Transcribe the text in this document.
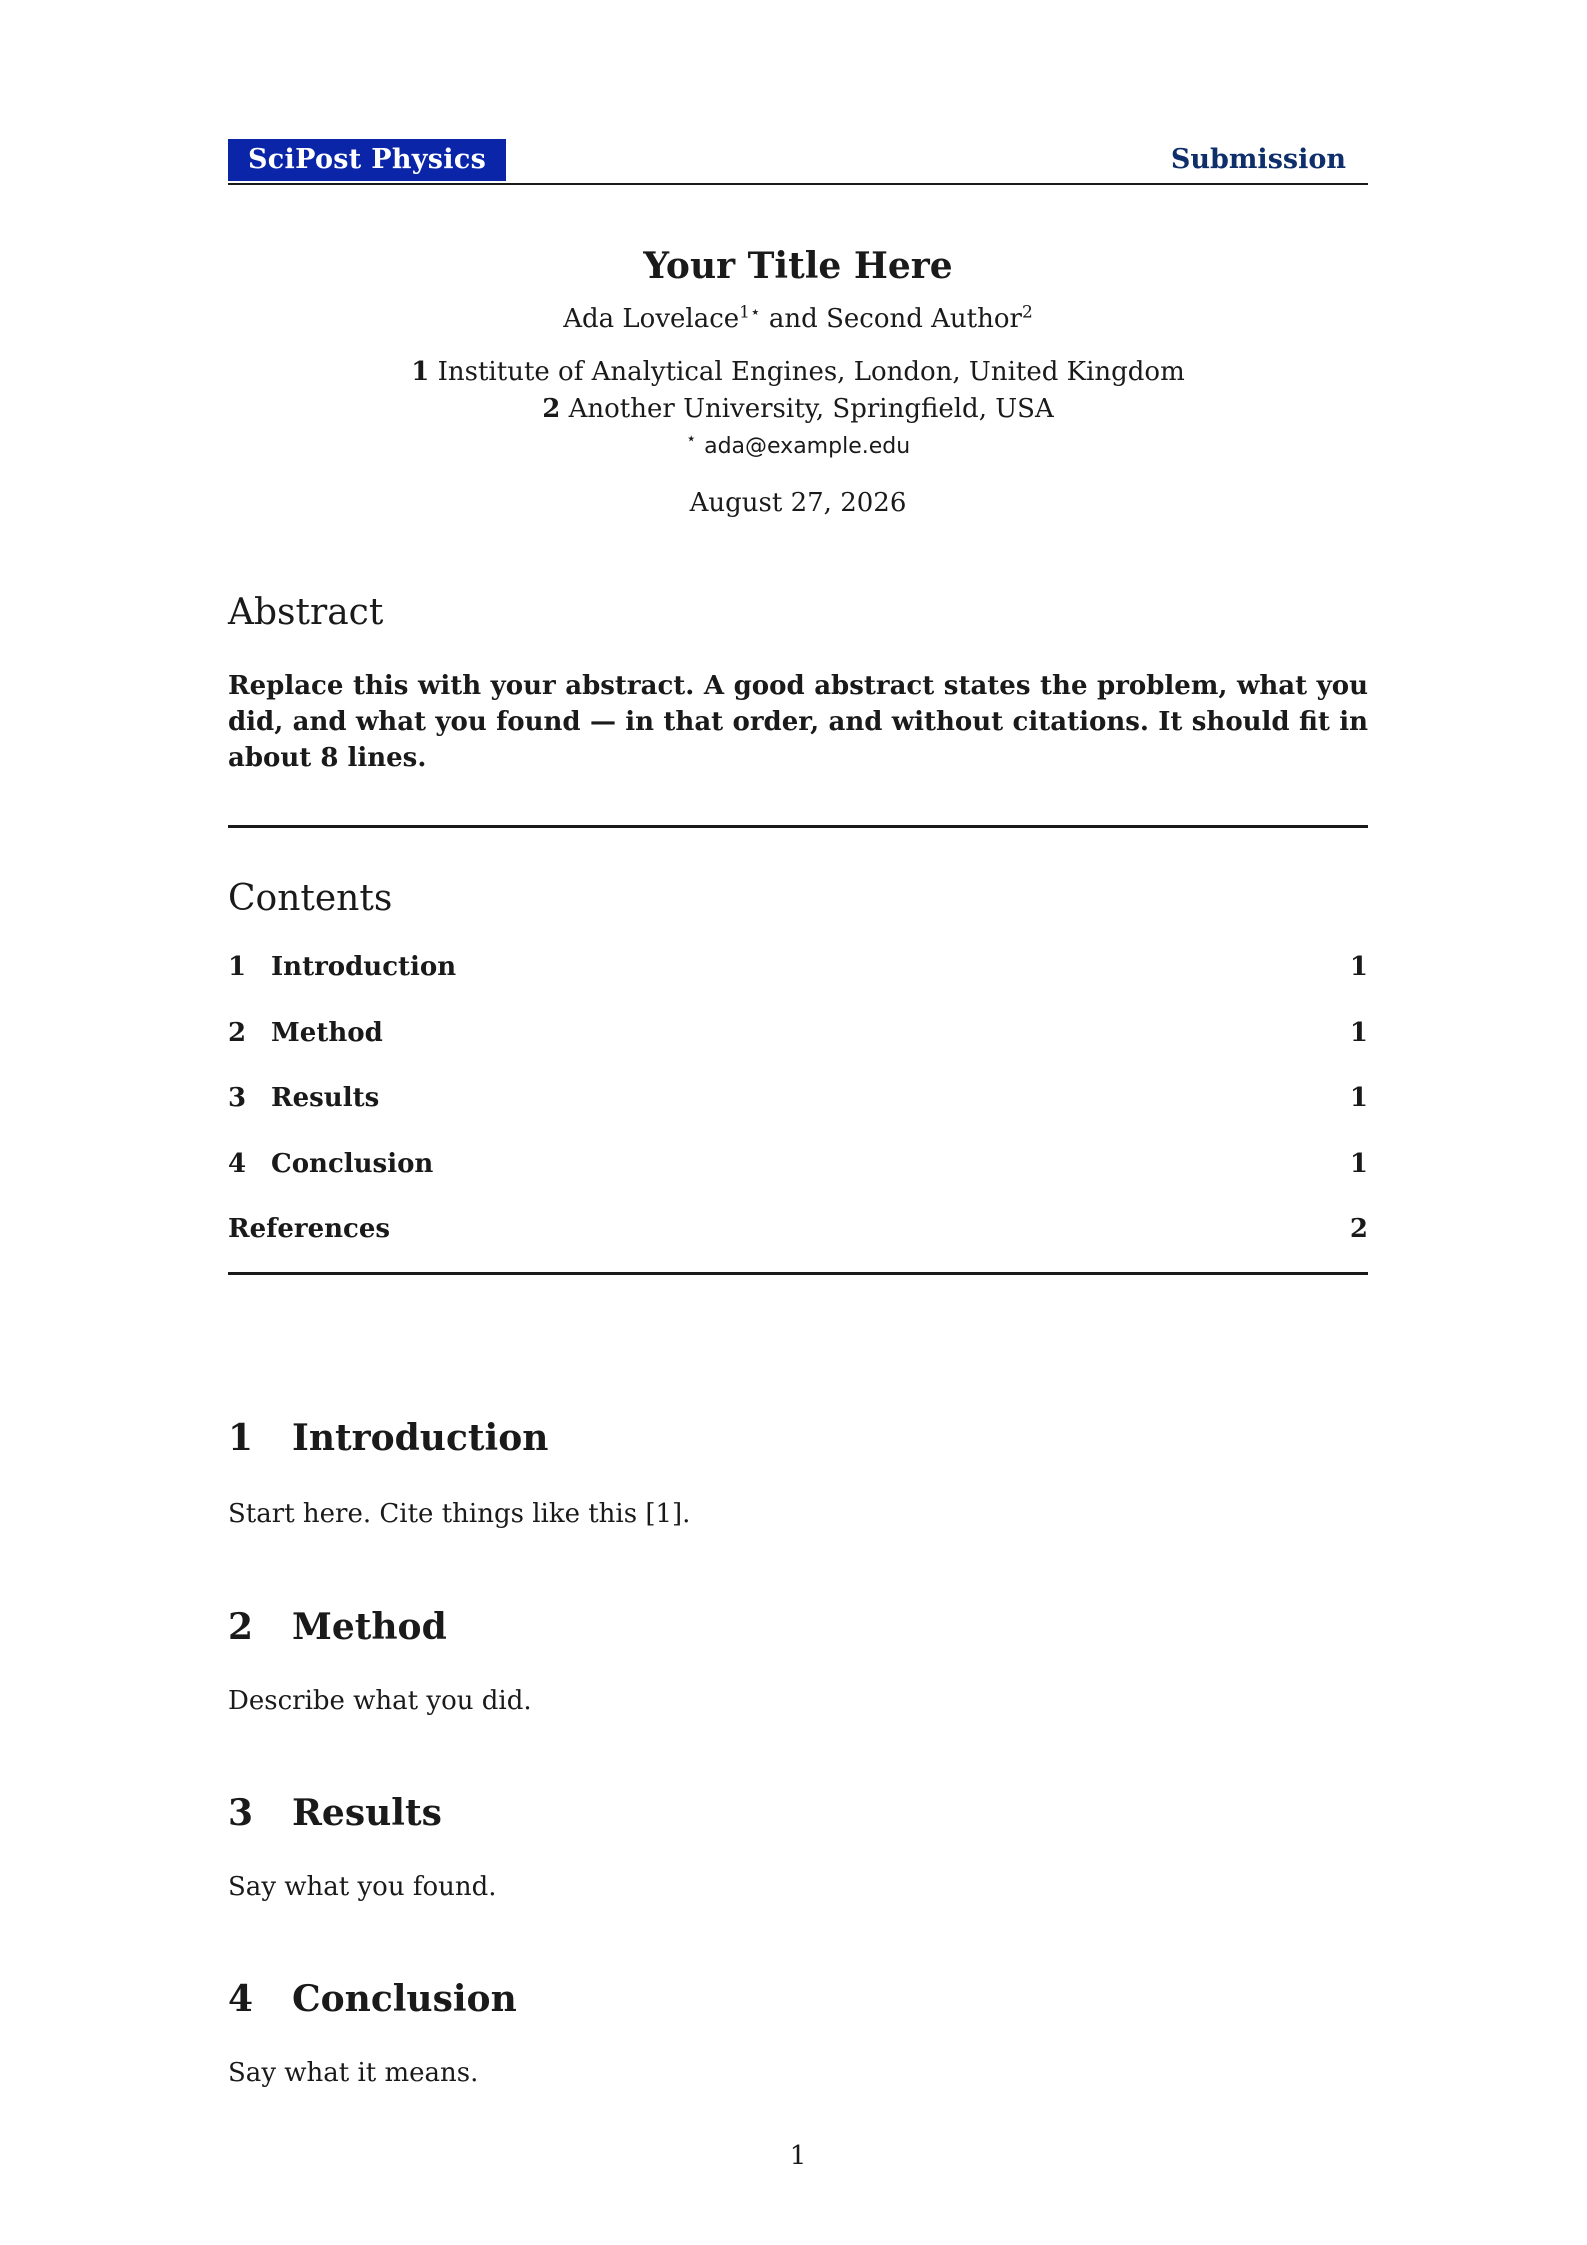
SciPost Physics	Submission
Your Title Here
Ada Lovelace$^{1⋆}$ and Second Author$^2$
1 Institute of Analytical Engines, London, United Kingdom
2 Another University, Springfield, USA
⋆ ada@example.edu
August 27, 2026
Abstract

Replace this with your abstract. A good abstract states the problem, what you did, and what you found — in that order, and without citations. It should fit in about 8 lines.

Contents
1 Introduction	1
2 Method	1
3 Results	1
4 Conclusion	1
References	2
1 Introduction

Start here. Cite things like this [1].

2 Method

Describe what you did.

3 Results

Say what you found.

4 Conclusion

Say what it means.

1
